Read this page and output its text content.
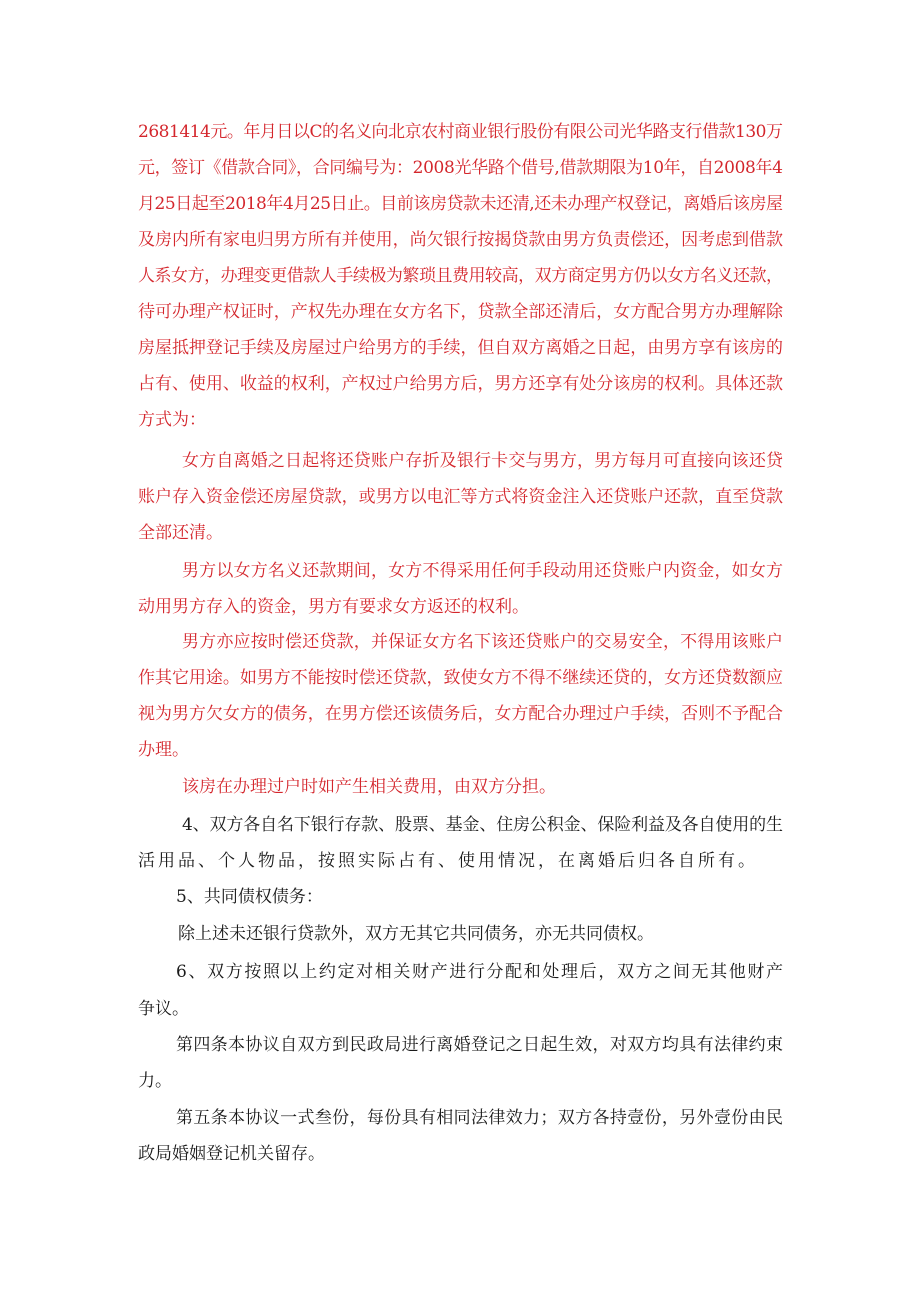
2681414元。年月日以C的名义向北京农村商业银行股份有限公司光华路支行借款130万
元，签订《借款合同》，合同编号为：2008光华路个借号,借款期限为10年，自2008年4
月25日起至2018年4月25日止。目前该房贷款未还清,还未办理产权登记，离婚后该房屋
及房内所有家电归男方所有并使用，尚欠银行按揭贷款由男方负责偿还，因考虑到借款
人系女方，办理变更借款人手续极为繁琐且费用较高，双方商定男方仍以女方名义还款，
待可办理产权证时，产权先办理在女方名下，贷款全部还清后，女方配合男方办理解除
房屋抵押登记手续及房屋过户给男方的手续，但自双方离婚之日起，由男方享有该房的
占有、使用、收益的权利，产权过户给男方后，男方还享有处分该房的权利。具体还款
方式为：
女方自离婚之日起将还贷账户存折及银行卡交与男方，男方每月可直接向该还贷
账户存入资金偿还房屋贷款，或男方以电汇等方式将资金注入还贷账户还款，直至贷款
全部还清。
男方以女方名义还款期间，女方不得采用任何手段动用还贷账户内资金，如女方
动用男方存入的资金，男方有要求女方返还的权利。
男方亦应按时偿还贷款，并保证女方名下该还贷账户的交易安全，不得用该账户
作其它用途。如男方不能按时偿还贷款，致使女方不得不继续还贷的，女方还贷数额应
视为男方欠女方的债务，在男方偿还该债务后，女方配合办理过户手续，否则不予配合
办理。
该房在办理过户时如产生相关费用，由双方分担。
4、双方各自名下银行存款、股票、基金、住房公积金、保险利益及各自使用的生
活用品、个人物品，按照实际占有、使用情况，在离婚后归各自所有。
5、共同债权债务：
除上述未还银行贷款外，双方无其它共同债务，亦无共同债权。
6、双方按照以上约定对相关财产进行分配和处理后，双方之间无其他财产
争议。
第四条本协议自双方到民政局进行离婚登记之日起生效，对双方均具有法律约束
力。
第五条本协议一式叁份，每份具有相同法律效力；双方各持壹份，另外壹份由民
政局婚姻登记机关留存。
